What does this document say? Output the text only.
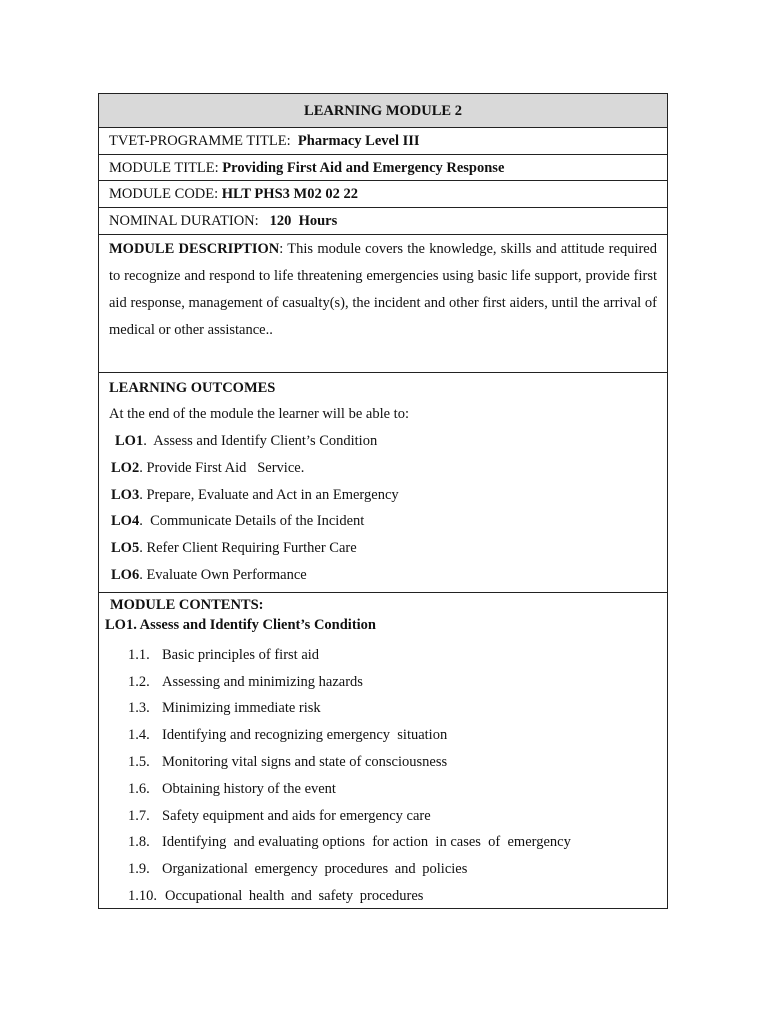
LEARNING MODULE 2
TVET-PROGRAMME TITLE: Pharmacy Level III
MODULE TITLE: Providing First Aid and Emergency Response
MODULE CODE: HLT PHS3 M02 02 22
NOMINAL DURATION: 120  Hours
MODULE DESCRIPTION: This module covers the knowledge, skills and attitude required to recognize and respond to life threatening emergencies using basic life support, provide first aid response, management of casualty(s), the incident and other first aiders, until the arrival of medical or other assistance..
LEARNING OUTCOMES
At the end of the module the learner will be able to:
LO1.  Assess and Identify Client’s Condition
LO2. Provide First Aid   Service.
LO3. Prepare, Evaluate and Act in an Emergency
LO4.  Communicate Details of the Incident
LO5. Refer Client Requiring Further Care
LO6. Evaluate Own Performance
MODULE CONTENTS:
LO1. Assess and Identify Client’s Condition
1.1. Basic principles of first aid
1.2. Assessing and minimizing hazards
1.3. Minimizing immediate risk
1.4. Identifying and recognizing emergency  situation
1.5. Monitoring vital signs and state of consciousness
1.6. Obtaining history of the event
1.7. Safety equipment and aids for emergency care
1.8. Identifying  and evaluating options  for action  in cases  of  emergency
1.9. Organizational emergency procedures and policies
1.10. Occupational health and safety procedures
